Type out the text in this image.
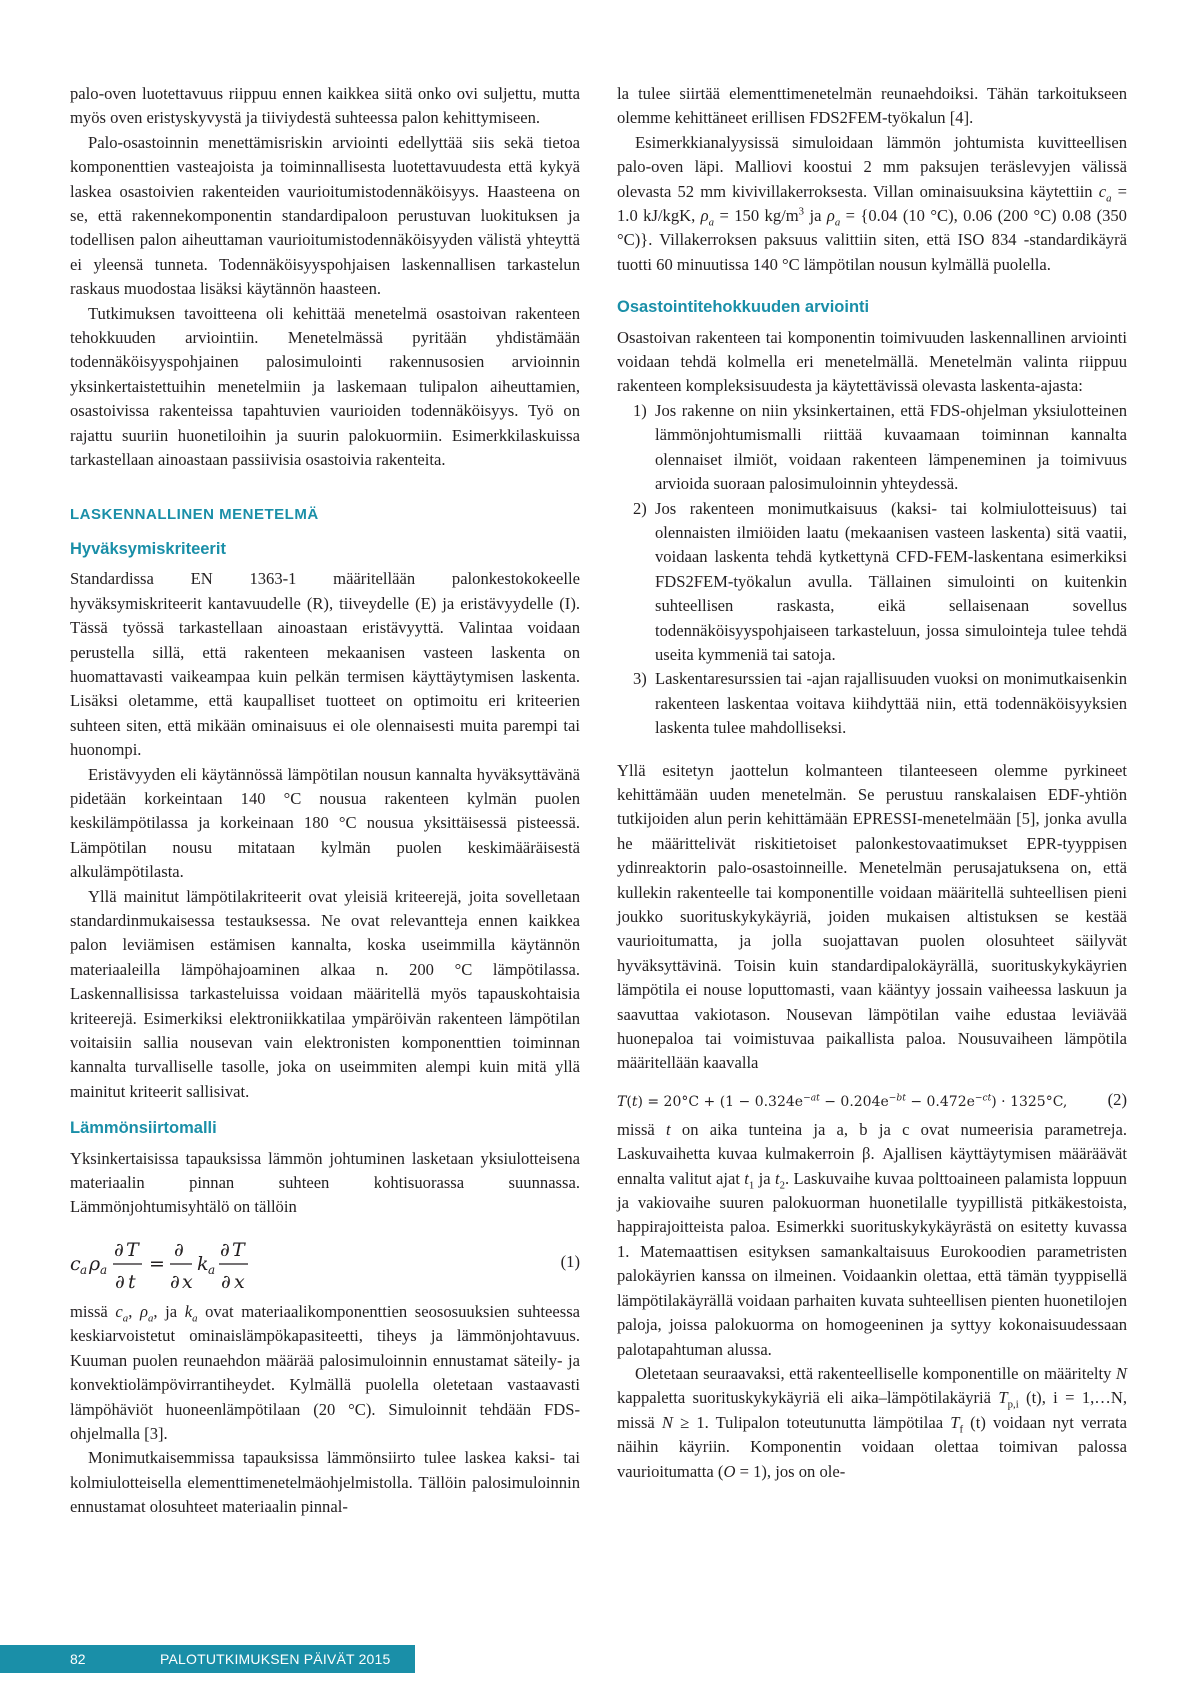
palo-oven luotettavuus riippuu ennen kaikkea siitä onko ovi suljettu, mutta myös oven eristyskyvystä ja tiiviydestä suhteessa palon kehittymiseen.

Palo-osastoinnin menettämisriskin arviointi edellyttää siis sekä tietoa komponenttien vasteajoista ja toiminnallisesta luotettavuudesta että kykyä laskea osastoivien rakenteiden vaurioitumistodennäköisyys. Haasteena on se, että rakennekomponentin standardipaloon perustuvan luokituksen ja todellisen palon aiheuttaman vaurioitumistodennäköisyyden välistä yhteyttä ei yleensä tunneta. Todennäköisyyspohjaisen laskennallisen tarkastelun raskaus muodostaa lisäksi käytännön haasteen.

Tutkimuksen tavoitteena oli kehittää menetelmä osastoivan rakenteen tehokkuuden arviointiin. Menetelmässä pyritään yhdistämään todennäköisyyspohjainen palosimulointi rakennusosien arvioinnin yksinkertaistettuihin menetelmiin ja laskemaan tulipalon aiheuttamien, osastoivissa rakenteissa tapahtuvien vaurioiden todennäköisyys. Työ on rajattu suuriin huonetiloihin ja suurin palokuormiin. Esimerkkilaskuissa tarkastellaan ainoastaan passiivisia osastoivia rakenteita.

LASKENNALLINEN MENETELMÄ
Hyväksymiskriteerit

Standardissa EN 1363-1 määritellään palonkestokokeelle hyväksymiskriteerit kantavuudelle (R), tiiveydelle (E) ja eristävyydelle (I). Tässä työssä tarkastellaan ainoastaan eristävyyttä. Valintaa voidaan perustella sillä, että rakenteen mekaanisen vasteen laskenta on huomattavasti vaikeampaa kuin pelkän termisen käyttäytymisen laskenta. Lisäksi oletamme, että kaupalliset tuotteet on optimoitu eri kriteerien suhteen siten, että mikään ominaisuus ei ole olennaisesti muita parempi tai huonompi.

Eristävyyden eli käytännössä lämpötilan nousun kannalta hyväksyttävänä pidetään korkeintaan 140 °C nousua rakenteen kylmän puolen keskilämpötilassa ja korkeinaan 180 °C nousua yksittäisessä pisteessä. Lämpötilan nousu mitataan kylmän puolen keskimääräisestä alkulämpötilasta.

Yllä mainitut lämpötilakriteerit ovat yleisiä kriteerejä, joita sovelletaan standardinmukaisessa testauksessa. Ne ovat relevantteja ennen kaikkea palon leviämisen estämisen kannalta, koska useimmilla käytännön materiaaleilla lämpöhajoaminen alkaa n. 200 °C lämpötilassa. Laskennallisissa tarkasteluissa voidaan määritellä myös tapauskohtaisia kriteerejä. Esimerkiksi elektroniikkatilaa ympäröivän rakenteen lämpötilan voitaisiin sallia nousevan vain elektronisten komponenttien toiminnan kannalta turvalliselle tasolle, joka on useimmiten alempi kuin mitä yllä mainitut kriteerit sallisivat.

Lämmönsiirtomalli

Yksinkertaisissa tapauksissa lämmön johtuminen lasketaan yksiulotteisena materiaalin pinnan suhteen kohtisuorassa suunnassa. Lämmönjohtumisyhtälö on tällöin

c a ρ a
∂ T
∂ t
=
∂
∂ x
k a
∂ T
∂ x
(1)

missä $c_a$, $\rho_a$, ja $k_a$ ovat materiaalikomponenttien seososuuksien suhteessa keskiarvoistetut ominaislämpökapasiteetti, tiheys ja lämmönjohtavuus. Kuuman puolen reunaehdon määrää palosimuloinnin ennustamat säteily- ja konvektiolämpövirrantiheydet. Kylmällä puolella oletetaan vastaavasti lämpöhäviöt huoneenlämpötilaan (20 °C). Simuloinnit tehdään FDS-ohjelmalla [3].

Monimutkaisemmissa tapauksissa lämmönsiirto tulee laskea kaksi- tai kolmiulotteisella elementtimenetelmäohjelmistolla. Tällöin palosimuloinnin ennustamat olosuhteet materiaalin pinnal-

la tulee siirtää elementtimenetelmän reunaehdoiksi. Tähän tarkoitukseen olemme kehittäneet erillisen FDS2FEM-työkalun [4].

Esimerkkianalyysissä simuloidaan lämmön johtumista kuvitteellisen palo-oven läpi. Malliovi koostui 2 mm paksujen teräslevyjen välissä olevasta 52 mm kivivillakerroksesta. Villan ominaisuuksina käytettiin $c_a = 1.0$ kJ/kgK, $\rho_a = 150$ $kg/m^3$ ja $\rho_a = \{0.04$ (10 °C), 0.06 (200 °C) 0.08 (350 °C)}. Villakerroksen paksuus valittiin siten, että ISO 834 -standardikäyrä tuotti 60 minuutissa 140 °C lämpötilan nousun kylmällä puolella.

Osastointitehokkuuden arviointi

Osastoivan rakenteen tai komponentin toimivuuden laskennallinen arviointi voidaan tehdä kolmella eri menetelmällä. Menetelmän valinta riippuu rakenteen kompleksisuudesta ja käytettävissä olevasta laskenta-ajasta:

1) Jos rakenne on niin yksinkertainen, että FDS-ohjelman yksiulotteinen lämmönjohtumismalli riittää kuvaamaan toiminnan kannalta olennaiset ilmiöt, voidaan rakenteen lämpeneminen ja toimivuus arvioida suoraan palosimuloinnin yhteydessä.
2) Jos rakenteen monimutkaisuus (kaksi- tai kolmiulotteisuus) tai olennaisten ilmiöiden laatu (mekaanisen vasteen laskenta) sitä vaatii, voidaan laskenta tehdä kytkettynä CFD-FEM-laskentana esimerkiksi FDS2FEM-työkalun avulla. Tällainen simulointi on kuitenkin suhteellisen raskasta, eikä sellaisenaan sovellus todennäköisyyspohjaiseen tarkasteluun, jossa simulointeja tulee tehdä useita kymmeniä tai satoja.
3) Laskentaresurssien tai -ajan rajallisuuden vuoksi on monimutkaisenkin rakenteen laskentaa voitava kiihdyttää niin, että todennäköisyyksien laskenta tulee mahdolliseksi.

Yllä esitetyn jaottelun kolmanteen tilanteeseen olemme pyrkineet kehittämään uuden menetelmän. Se perustuu ranskalaisen EDF-yhtiön tutkijoiden alun perin kehittämään EPRESSI-menetelmään [5], jonka avulla he määrittelivät riskitietoiset palonkestovaatimukset EPR-tyyppisen ydinreaktorin palo-osastoinneille. Menetelmän perusajatuksena on, että kullekin rakenteelle tai komponentille voidaan määritellä suhteellisen pieni joukko suorituskykykäyriä, joiden mukaisen altistuksen se kestää vaurioitumatta, ja jolla suojattavan puolen olosuhteet säilyvät hyväksyttävinä. Toisin kuin standardipalokäyrällä, suorituskykykäyrien lämpötila ei nouse loputtomasti, vaan kääntyy jossain vaiheessa laskuun ja saavuttaa vakiotason. Nousevan lämpötilan vaihe edustaa leviävää huonepaloa tai voimistuvaa paikallista paloa. Nousuvaiheen lämpötila määritellään kaavalla

$T(t) = 20^\circ C + (1 - 0.324e^{-at} - 0.204e^{-bt} - 0.472e^{-ct}) \cdot 1325^\circ C$, (2)

missä t on aika tunteina ja a, b ja c ovat numeerisia parametreja. Laskuvaihetta kuvaa kulmakerroin β. Ajallisen käyttäytymisen määräävät ennalta valitut ajat $t_1$ ja $t_2$. Laskuvaihe kuvaa polttoaineen palamista loppuun ja vakiovaihe suuren palokuorman huonetilalle tyypillistä pitkäkestoista, happirajoitteista paloa. Esimerkki suorituskykykäyrästä on esitetty kuvassa 1. Matemaattisen esityksen samankaltaisuus Eurokoodien parametristen palokäyrien kanssa on ilmeinen. Voidaankin olettaa, että tämän tyyppisellä lämpötilakäyrällä voidaan parhaiten kuvata suhteellisen pienten huonetilojen paloja, joissa palokuorma on homogeeninen ja syttyy kokonaisuudessaan palotapahtuman alussa.

Oletetaan seuraavaksi, että rakenteelliselle komponentille on määritelty N kappaletta suorituskykykäyriä eli aika–lämpötilakäyriä $T_{p,i}$ (t), i = 1,…N, missä N ≥ 1. Tulipalon toteutunutta lämpötilaa $T_f$ (t) voidaan nyt verrata näihin käyriin. Komponentin voidaan olettaa toimivan palossa vaurioitumatta (O = 1), jos on ole-

82	PALOTUTKIMUKSEN PÄIVÄT 2015
